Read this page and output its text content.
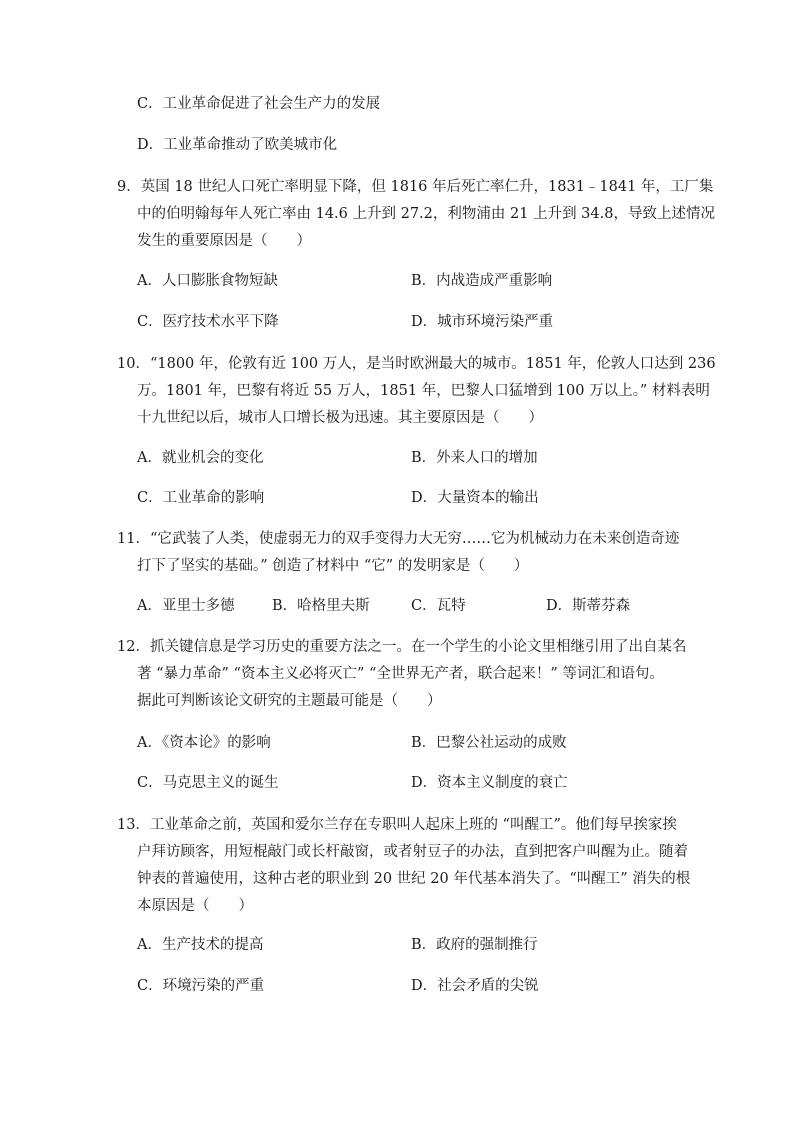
C．工业革命促进了社会生产力的发展
D．工业革命推动了欧美城市化
9．英国 18 世纪人口死亡率明显下降，但 1816 年后死亡率仁升，1831﹣1841 年，工厂集
中的伯明翰每年人死亡率由 14.6 上升到 27.2，利物浦由 21 上升到 34.8，导致上述情况
发生的重要原因是（　　）
A．人口膨胀食物短缺	B．内战造成严重影响
C．医疗技术水平下降	D．城市环境污染严重
10．“1800 年，伦敦有近 100 万人，是当时欧洲最大的城市。1851 年，伦敦人口达到 236
万。1801 年，巴黎有将近 55 万人，1851 年，巴黎人口猛增到 100 万以上。” 材料表明
十九世纪以后，城市人口增长极为迅速。其主要原因是（　　）
A．就业机会的变化	B．外来人口的增加
C．工业革命的影响	D．大量资本的输出
11．“它武装了人类，使虚弱无力的双手变得力大无穷……它为机械动力在未来创造奇迹
打下了坚实的基础。” 创造了材料中 “它” 的发明家是（　　）
A．亚里士多德	B．哈格里夫斯	C．瓦特	D．斯蒂芬森
12．抓关键信息是学习历史的重要方法之一。在一个学生的小论文里相继引用了出自某名
著 “暴力革命” “资本主义必将灭亡” “全世界无产者，联合起来！” 等词汇和语句。
据此可判断该论文研究的主题最可能是（　　）
A．《资本论》的影响	B．巴黎公社运动的成败
C．马克思主义的诞生	D．资本主义制度的衰亡
13．工业革命之前，英国和爱尔兰存在专职叫人起床上班的 “叫醒工”。他们每早挨家挨
户拜访顾客，用短棍敲门或长杆敲窗，或者射豆子的办法，直到把客户叫醒为止。随着
钟表的普遍使用，这种古老的职业到 20 世纪 20 年代基本消失了。“叫醒工” 消失的根
本原因是（　　）
A．生产技术的提高	B．政府的强制推行
C．环境污染的严重	D．社会矛盾的尖锐
